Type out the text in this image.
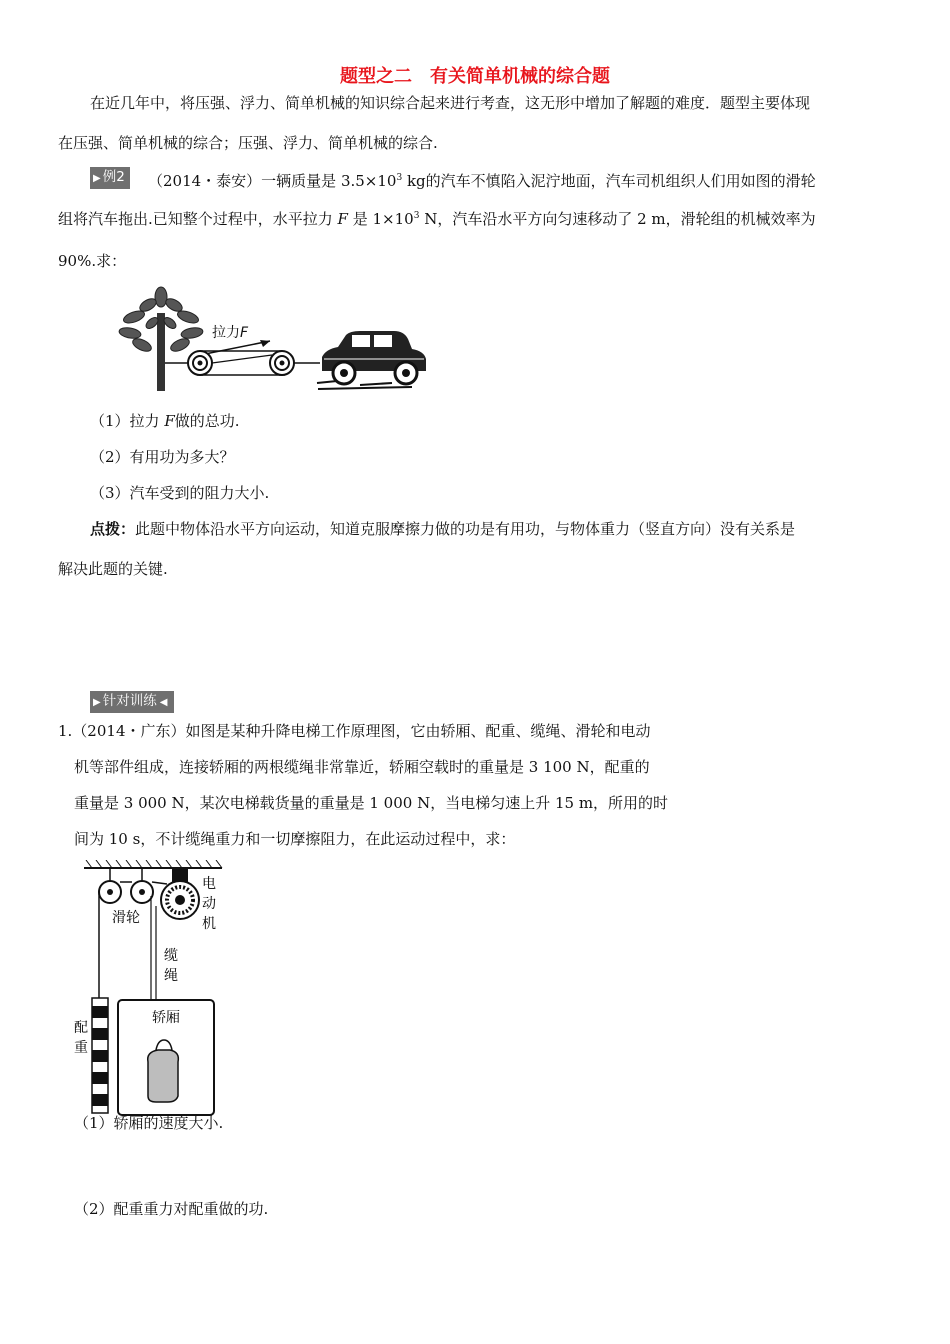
题型之二　有关简单机械的综合题
在近几年中，将压强、浮力、简单机械的知识综合起来进行考查，这无形中增加了解题的难度．题型主要体现
在压强、简单机械的综合；压强、浮力、简单机械的综合.
▶ 例2	（2014・泰安）一辆质量是 $3.5\times 10^3$ kg的汽车不慎陷入泥泞地面，汽车司机组织人们用如图的滑轮
组将汽车拖出.已知整个过程中，水平拉力 F 是 $1\times 10^3$ N，汽车沿水平方向匀速移动了 2 m，滑轮组的机械效率为
90%.求：
拉力F
（1）拉力 F做的总功.
（2）有用功为多大？
（3）汽车受到的阻力大小.
点拨：此题中物体沿水平方向运动，知道克服摩擦力做的功是有用功，与物体重力（竖直方向）没有关系是
解决此题的关键.
▶ 针对训练 ◀
1.（2014・广东）如图是某种升降电梯工作原理图，它由轿厢、配重、缆绳、滑轮和电动
机等部件组成，连接轿厢的两根缆绳非常靠近，轿厢空载时的重量是 3 100 N，配重的
重量是 3 000 N，某次电梯载货量的重量是 1 000 N，当电梯匀速上升 15 m，所用的时
间为 10 s，不计缆绳重力和一切摩擦阻力，在此运动过程中，求：
电
动
机
滑轮
缆
绳
配
重
轿厢
（1）轿厢的速度大小.
（2）配重重力对配重做的功.
